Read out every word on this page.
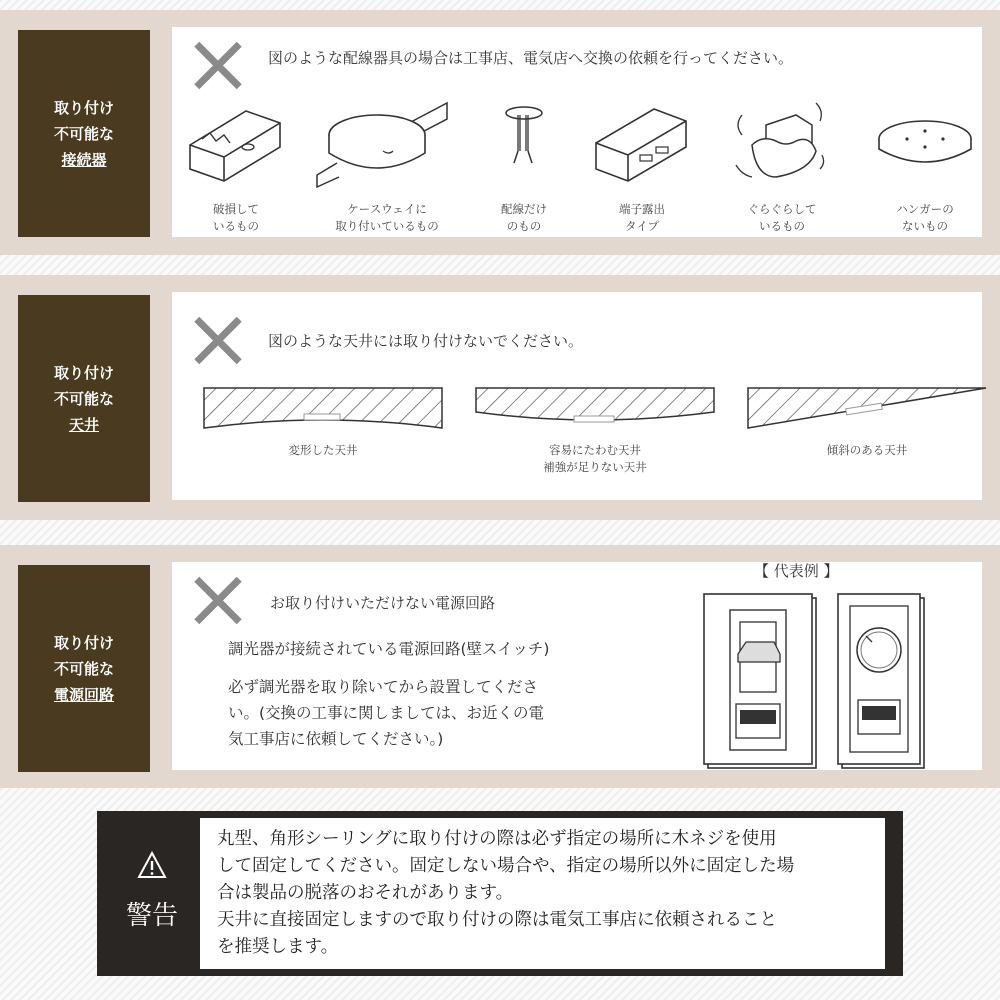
取り付け
不可能な
接続器
図のような配線器具の場合は工事店、電気店へ交換の依頼を行ってください。
破損して
いるもの
ケースウェイに
取り付いているもの
配線だけ
のもの
端子露出
タイプ
ぐらぐらして
いるもの
ハンガーの
ないもの
取り付け
不可能な
天井
図のような天井には取り付けないでください。
変形した天井	容易にたわむ天井
補強が足りない天井
傾斜のある天井
取り付け
不可能な
電源回路
お取り付けいただけない電源回路
調光器が接続されている電源回路(壁スイッチ)
必ず調光器を取り除いてから設置してくださ
い。(交換の工事に関しましては、お近くの電
気工事店に依頼してください。)
【 代表例 】
警告
丸型、角形シーリングに取り付けの際は必ず指定の場所に木ネジを使用
して固定してください。固定しない場合や、指定の場所以外に固定した場
合は製品の脱落のおそれがあります。
天井に直接固定しますので取り付けの際は電気工事店に依頼されること
を推奨します。
